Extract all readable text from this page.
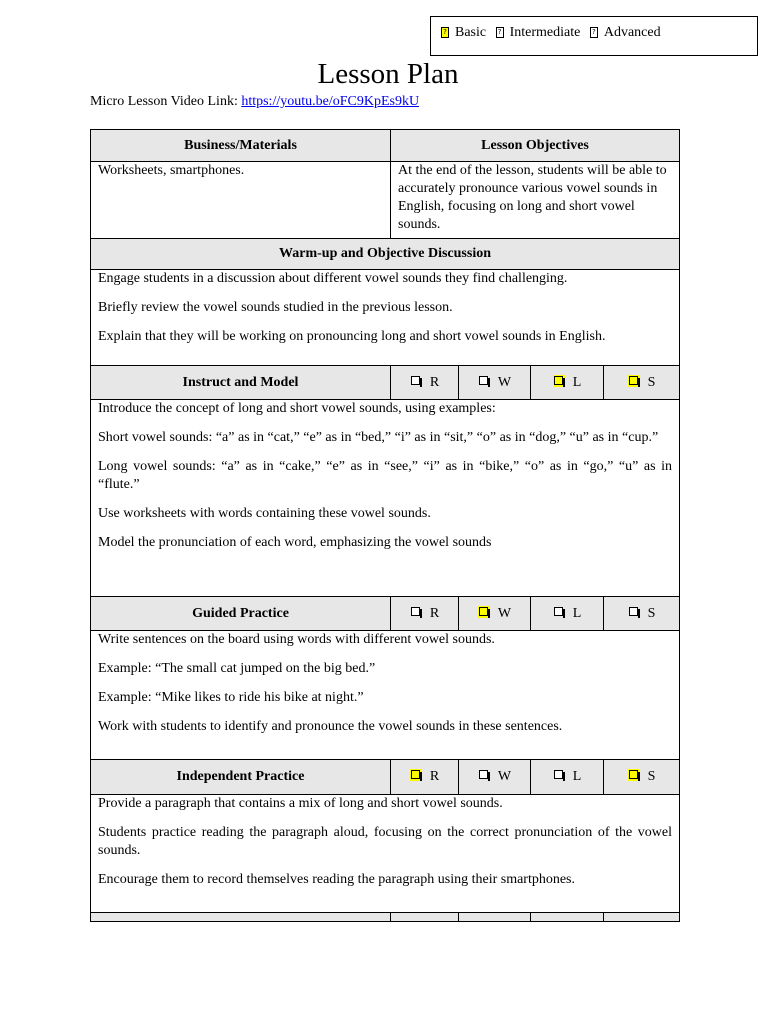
? Basic
	? Intermediate
	? Advanced
Lesson Plan
Micro Lesson Video Link: https://youtu.be/oFC9KpEs9kU
Business/Materials	Lesson Objectives			
Worksheets, smartphones.	At the end of the lesson, students will be able to accurately pronounce various vowel sounds in English, focusing on long and short vowel sounds.			
Warm-up and Objective Discussion				

Engage students in a discussion about different vowel sounds they find challenging.

Briefly review the vowel sounds studied in the previous lesson.

Explain that they will be working on pronouncing long and short vowel sounds in English.				

Instruct and Model	R	W	L	S

Introduce the concept of long and short vowel sounds, using examples:

Short vowel sounds: “a” as in “cat,” “e” as in “bed,” “i” as in “sit,” “o” as in “dog,” “u” as in “cup.”

Long vowel sounds: “a” as in “cake,” “e” as in “see,” “i” as in “bike,” “o” as in “go,” “u” as in “flute.”

Use worksheets with words containing these vowel sounds.

Model the pronunciation of each word, emphasizing the vowel sounds				

Guided Practice	R	W	L	S

Write sentences on the board using words with different vowel sounds.

Example: “The small cat jumped on the big bed.”

Example: “Mike likes to ride his bike at night.”

Work with students to identify and pronounce the vowel sounds in these sentences.				

Independent Practice	R	W	L	S

Provide a paragraph that contains a mix of long and short vowel sounds.

Students practice reading the paragraph aloud, focusing on the correct pronunciation of the vowel sounds.

Encourage them to record themselves reading the paragraph using their smartphones.				
